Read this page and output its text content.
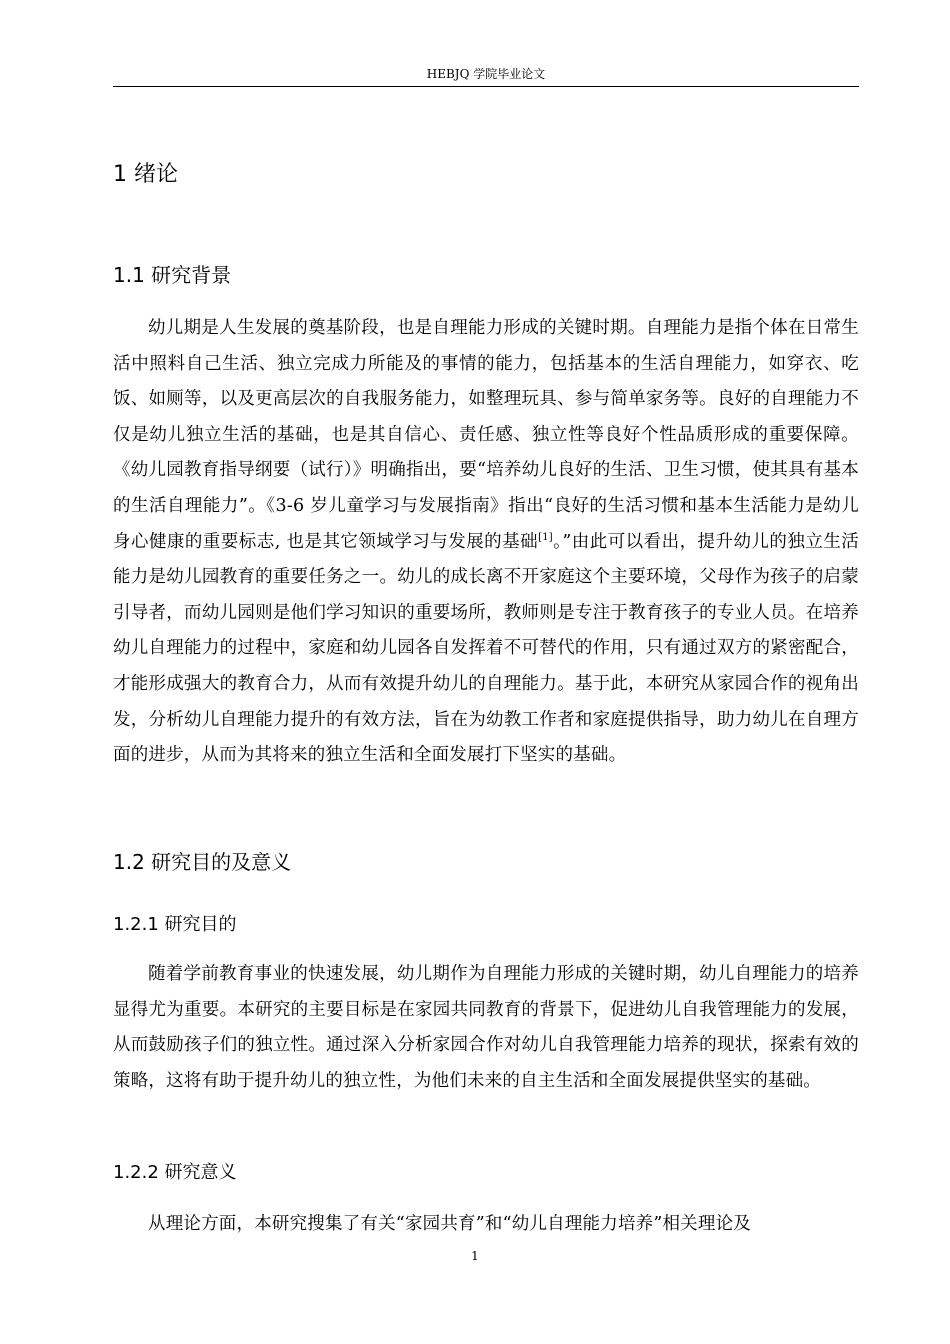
HEBJQ 学院毕业论文
1 绪论
1.1 研究背景

幼儿期是人生发展的奠基阶段，也是自理能力形成的关键时期。自理能力是指个体在日常生活中照料自己生活、独立完成力所能及的事情的能力，包括基本的生活自理能力，如穿衣、吃饭、如厕等，以及更高层次的自我服务能力，如整理玩具、参与简单家务等。良好的自理能力不仅是幼儿独立生活的基础，也是其自信心、责任感、独立性等良好个性品质形成的重要保障。《幼儿园教育指导纲要（试行）》明确指出，要“培养幼儿良好的生活、卫生习惯，使其具有基本的生活自理能力”。《3-6 岁儿童学习与发展指南》指出“良好的生活习惯和基本生活能力是幼儿身心健康的重要标志, 也是其它领域学习与发展的基础[1]。”由此可以看出，提升幼儿的独立生活能力是幼儿园教育的重要任务之一。幼儿的成长离不开家庭这个主要环境，父母作为孩子的启蒙引导者，而幼儿园则是他们学习知识的重要场所，教师则是专注于教育孩子的专业人员。在培养幼儿自理能力的过程中，家庭和幼儿园各自发挥着不可替代的作用，只有通过双方的紧密配合，才能形成强大的教育合力，从而有效提升幼儿的自理能力。基于此，本研究从家园合作的视角出发，分析幼儿自理能力提升的有效方法，旨在为幼教工作者和家庭提供指导，助力幼儿在自理方面的进步，从而为其将来的独立生活和全面发展打下坚实的基础。

1.2 研究目的及意义
1.2.1 研究目的

随着学前教育事业的快速发展，幼儿期作为自理能力形成的关键时期，幼儿自理能力的培养显得尤为重要。本研究的主要目标是在家园共同教育的背景下，促进幼儿自我管理能力的发展，从而鼓励孩子们的独立性。通过深入分析家园合作对幼儿自我管理能力培养的现状，探索有效的策略，这将有助于提升幼儿的独立性，为他们未来的自主生活和全面发展提供坚实的基础。

1.2.2 研究意义

从理论方面，本研究搜集了有关“家园共育”和“幼儿自理能力培养”相关理论及

1
